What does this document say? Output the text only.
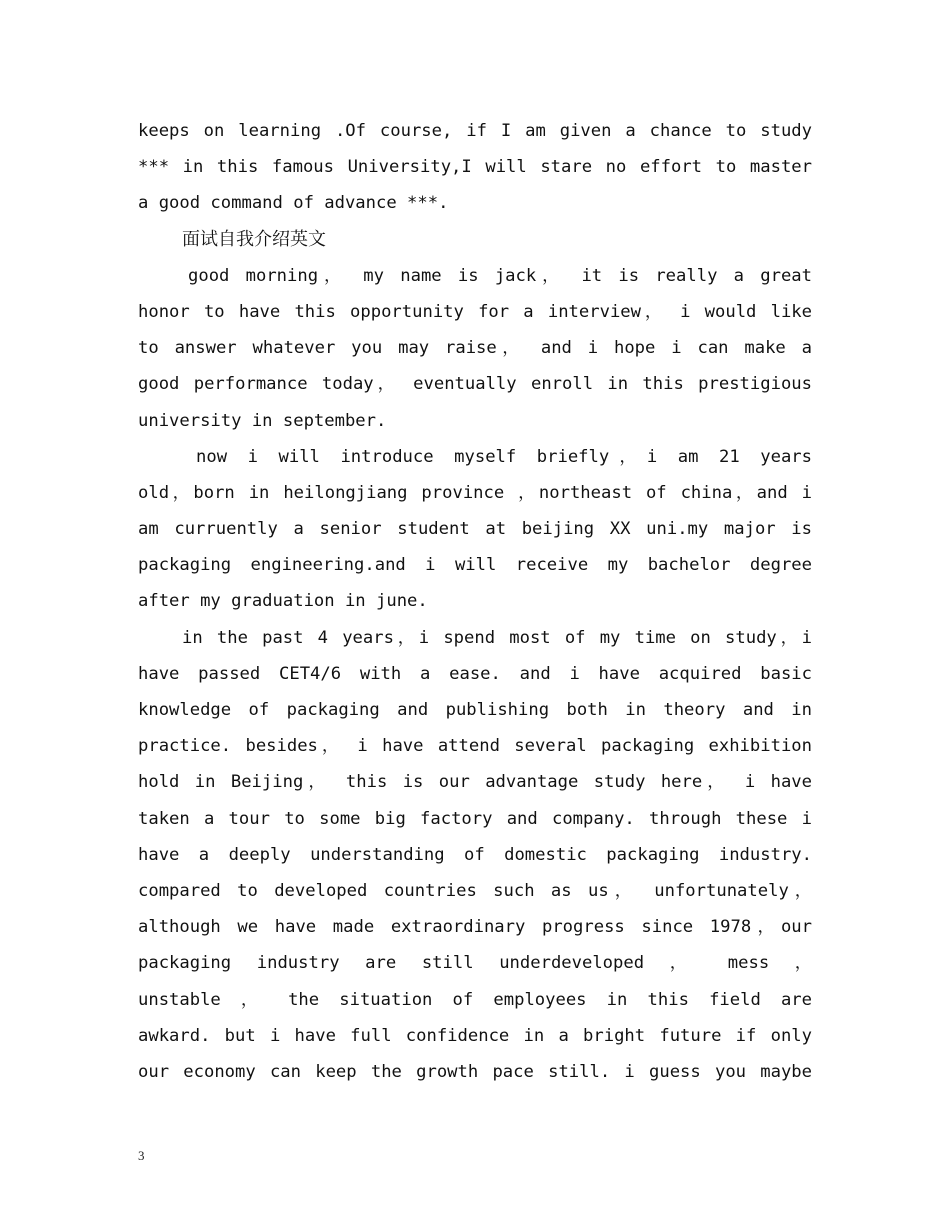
keeps on learning .Of course, if I am given a chance to study
*** in this famous University,I will stare no effort to master
a good command of advance ***.
面试自我介绍英文
good morning， my name is jack， it is really a great
honor to have this opportunity for a interview， i would like
to answer whatever you may raise， and i hope i can make a
good performance today， eventually enroll in this prestigious
university in september.
now i will introduce myself briefly，i am 21 years
old，born in heilongjiang province ，northeast of china，and i
am curruently a senior student at beijing XX uni.my major is
packaging engineering.and i will receive my bachelor degree
after my graduation in june.
in the past 4 years，i spend most of my time on study，i
have passed CET4/6 with a ease. and i have acquired basic
knowledge of packaging and publishing both in theory and in
practice. besides， i have attend several packaging exhibition
hold in Beijing， this is our advantage study here， i have
taken a tour to some big factory and company. through these i
have a deeply understanding of domestic packaging industry.
compared to developed countries such as us， unfortunately，
although we have made extraordinary progress since 1978，our
packaging industry are still underdeveloped ， mess ，
unstable ， the situation of employees in this field are
awkard. but i have full confidence in a bright future if only
our economy can keep the growth pace still. i guess you maybe
3
